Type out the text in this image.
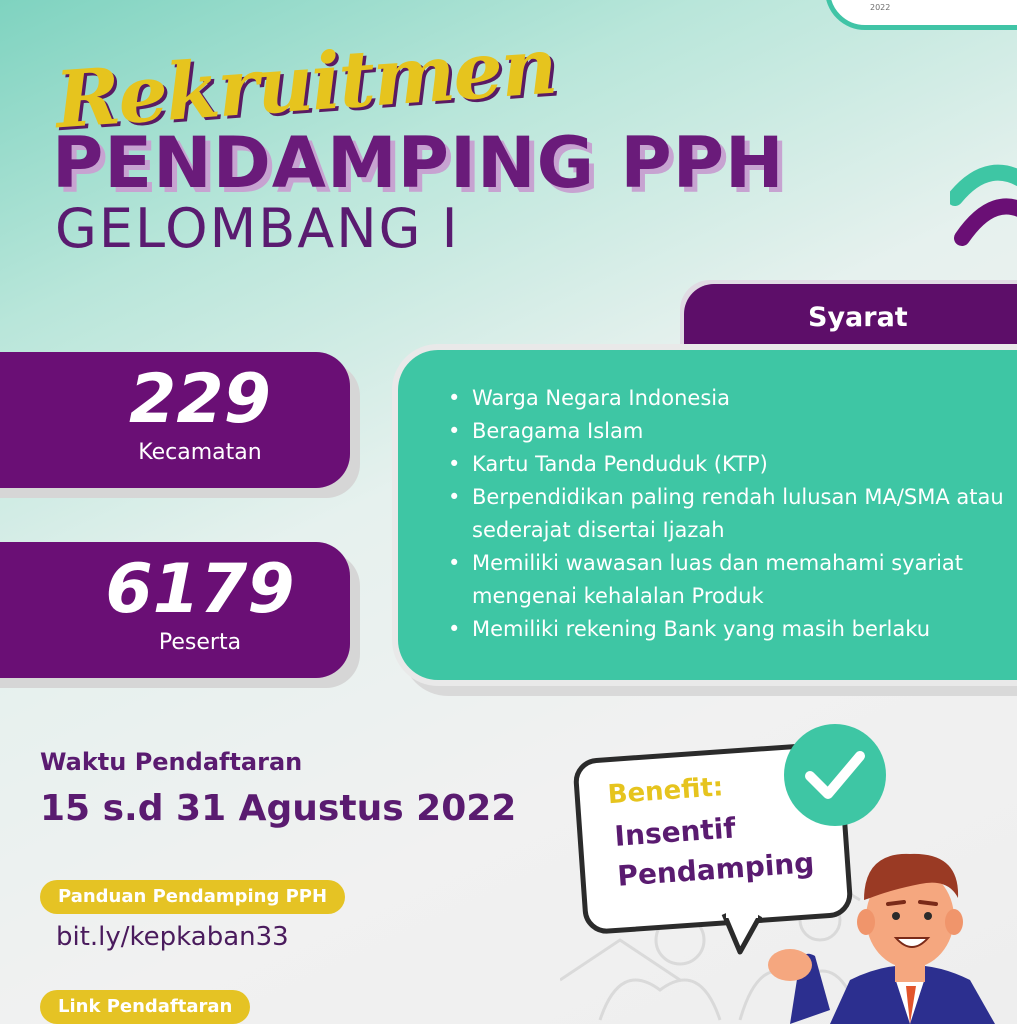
2022
Rekruitmen
PENDAMPING PPH
GELOMBANG I
Syarat
229
Kecamatan
6179
Peserta
• Warga Negara Indonesia
• Beragama Islam
• Kartu Tanda Penduduk (KTP)
• Berpendidikan paling rendah lulusan MA/SMA atau sederajat disertai Ijazah
• Memiliki wawasan luas dan memahami syariat mengenai kehalalan Produk
• Memiliki rekening Bank yang masih berlaku
Waktu Pendaftaran
15 s.d 31 Agustus 2022
Panduan Pendamping PPH
bit.ly/kepkaban33
Link Pendaftaran
Benefit:
Insentif
Pendamping
